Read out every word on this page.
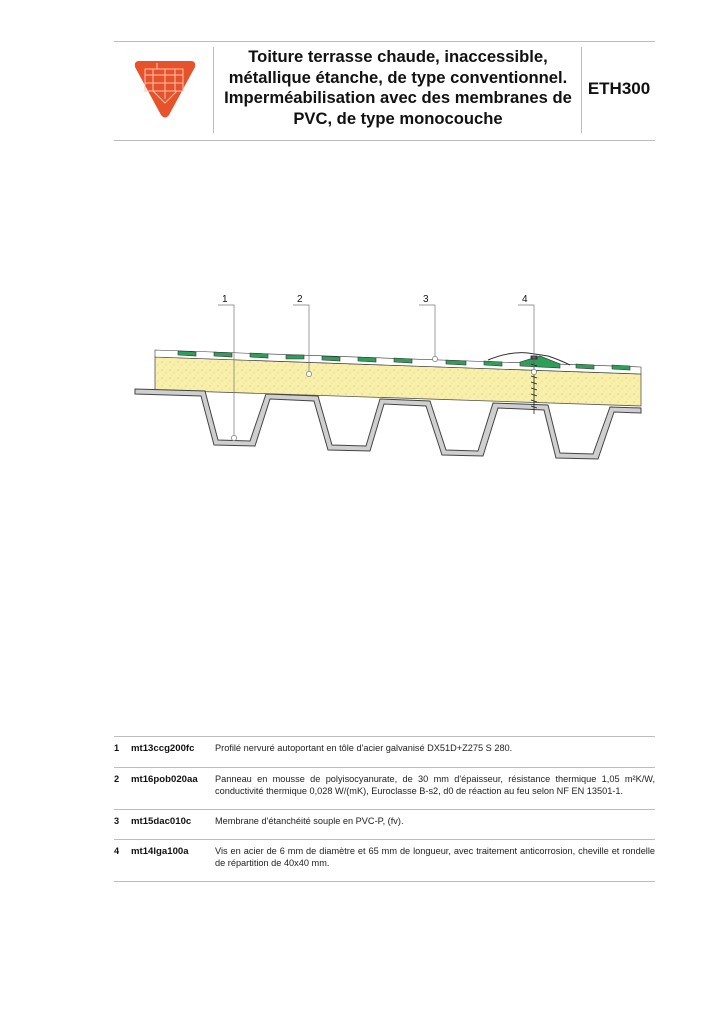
Toiture terrasse chaude, inaccessible, métallique étanche, de type conventionnel. Imperméabilisation avec des membranes de PVC, de type monocouche
ETH300
1	2	3	4
1 mt13ccg200fc Profilé nervuré autoportant en tôle d'acier galvanisé DX51D+Z275 S 280.
2 mt16pob020aa Panneau en mousse de polyisocyanurate, de 30 mm d'épaisseur, résistance thermique 1,05 m²K/W, conductivité thermique 0,028 W/(mK), Euroclasse B-s2, d0 de réaction au feu selon NF EN 13501-1.
3 mt15dac010c	Membrane d'étanchéité souple en PVC-P, (fv).
4 mt14lga100a	Vis en acier de 6 mm de diamètre et 65 mm de longueur, avec traitement anticorrosion, cheville et rondelle de répartition de 40x40 mm.
